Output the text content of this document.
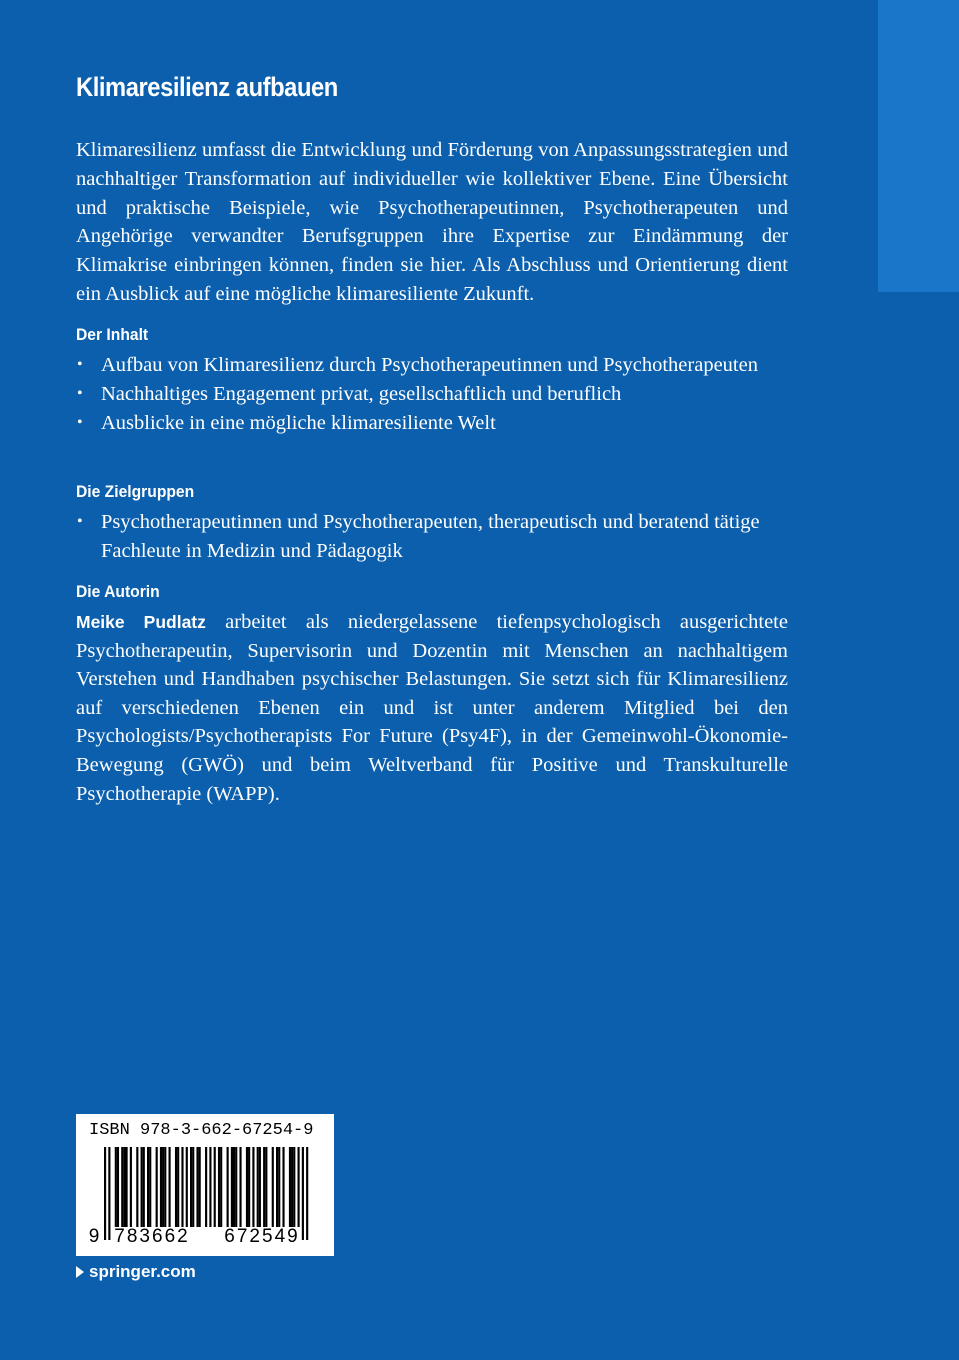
Klimaresilienz aufbauen

Klimaresilienz umfasst die Entwicklung und Förderung von Anpassungsstrategien und nachhaltiger Transformation auf individueller wie kollektiver Ebene. Eine Übersicht und praktische Beispiele, wie Psychotherapeutinnen, Psychotherapeuten und Angehörige verwandter Berufsgruppen ihre Expertise zur Eindämmung der Klimakrise einbringen können, finden sie hier. Als Abschluss und Orientierung dient ein Ausblick auf eine mögliche klimaresiliente Zukunft.

Der Inhalt
• Aufbau von Klimaresilienz durch Psychotherapeutinnen und Psychotherapeuten
• Nachhaltiges Engagement privat, gesellschaftlich und beruflich
• Ausblicke in eine mögliche klimaresiliente Welt
Die Zielgruppen
• Psychotherapeutinnen und Psychotherapeuten, therapeutisch und beratend tätige Fachleute in Medizin und Pädagogik
Die Autorin

Meike Pudlatz arbeitet als niedergelassene tiefenpsychologisch ausgerichtete Psychotherapeutin, Supervisorin und Dozentin mit Menschen an nachhaltigem Verstehen und Handhaben psychischer Belastungen. Sie setzt sich für Klimaresilienz auf verschiedenen Ebenen ein und ist unter anderem Mitglied bei den Psychologists/Psychotherapists For Future (Psy4F), in der Gemeinwohl-Ökonomie-Bewegung (GWÖ) und beim Weltverband für Positive und Transkulturelle Psychotherapie (WAPP).

ISBN 978-3-662-67254-9
9 783662	672549
springer.com
